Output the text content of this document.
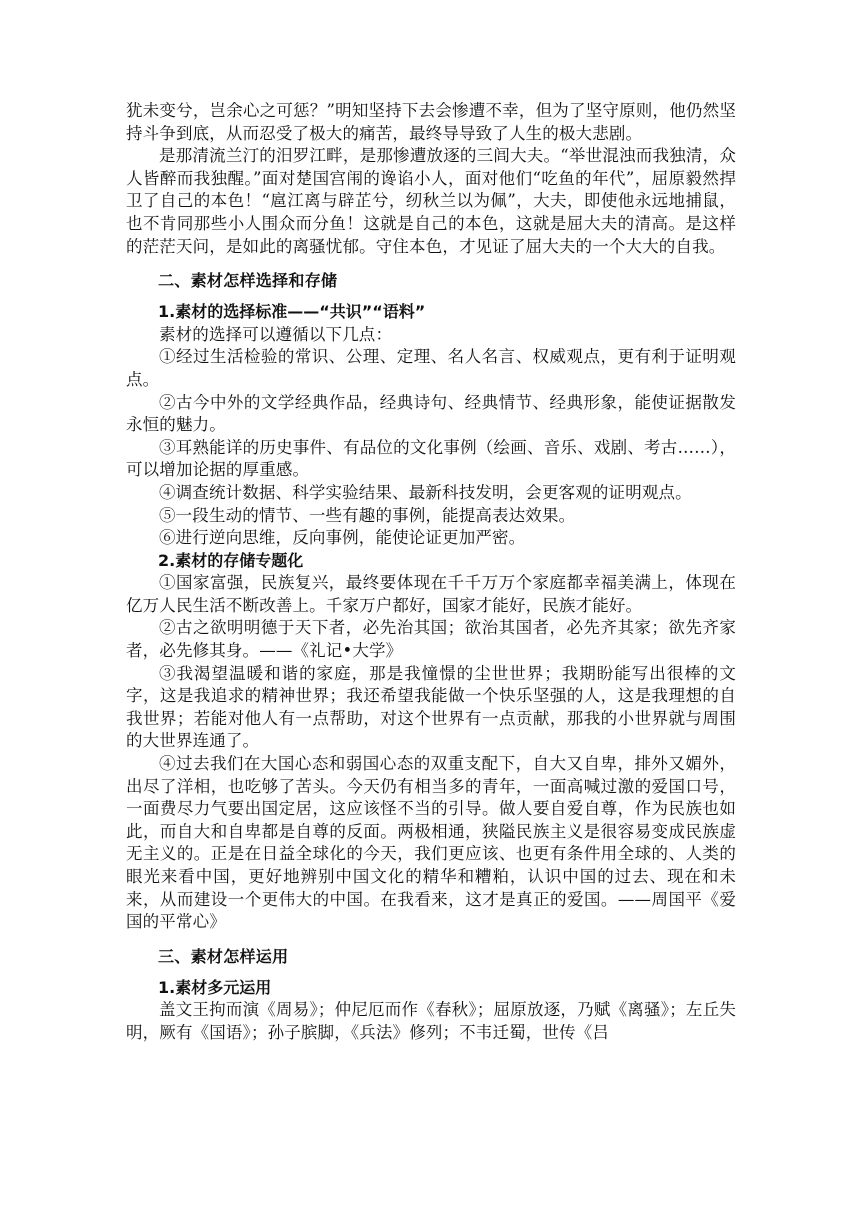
犹未变兮，岂余心之可惩？”明知坚持下去会惨遭不幸，但为了坚守原则，他仍然坚持斗争到底，从而忍受了极大的痛苦，最终导导致了人生的极大悲剧。

是那清流兰汀的汨罗江畔，是那惨遭放逐的三闾大夫。“举世混浊而我独清，众人皆醉而我独醒。”面对楚国宫闱的谗谄小人，面对他们“吃鱼的年代”，屈原毅然捍卫了自己的本色！“扈江离与辟芷兮，纫秋兰以为佩”，大夫，即使他永远地捕鼠，也不肯同那些小人围众而分鱼！这就是自己的本色，这就是屈大夫的清高。是这样的茫茫天问，是如此的离骚忧郁。守住本色，才见证了屈大夫的一个大大的自我。

二、素材怎样选择和存储
1.素材的选择标准——“共识”“语料”

素材的选择可以遵循以下几点：

①经过生活检验的常识、公理、定理、名人名言、权威观点，更有利于证明观点。

②古今中外的文学经典作品，经典诗句、经典情节、经典形象，能使证据散发永恒的魅力。

③耳熟能详的历史事件、有品位的文化事例（绘画、音乐、戏剧、考古……），可以增加论据的厚重感。

④调查统计数据、科学实验结果、最新科技发明，会更客观的证明观点。

⑤一段生动的情节、一些有趣的事例，能提高表达效果。

⑥进行逆向思维，反向事例，能使论证更加严密。

2.素材的存储专题化

①国家富强，民族复兴，最终要体现在千千万万个家庭都幸福美满上，体现在亿万人民生活不断改善上。千家万户都好，国家才能好，民族才能好。

②古之欲明明德于天下者，必先治其国；欲治其国者，必先齐其家；欲先齐家者，必先修其身。——《礼记•大学》

③我渴望温暖和谐的家庭，那是我憧憬的尘世世界；我期盼能写出很棒的文字，这是我追求的精神世界；我还希望我能做一个快乐坚强的人，这是我理想的自我世界；若能对他人有一点帮助，对这个世界有一点贡献，那我的小世界就与周围的大世界连通了。

④过去我们在大国心态和弱国心态的双重支配下，自大又自卑，排外又媚外，出尽了洋相，也吃够了苦头。今天仍有相当多的青年，一面高喊过激的爱国口号，一面费尽力气要出国定居，这应该怪不当的引导。做人要自爱自尊，作为民族也如此，而自大和自卑都是自尊的反面。两极相通，狭隘民族主义是很容易变成民族虚无主义的。正是在日益全球化的今天，我们更应该、也更有条件用全球的、人类的眼光来看中国，更好地辨别中国文化的精华和糟粕，认识中国的过去、现在和未来，从而建设一个更伟大的中国。在我看来，这才是真正的爱国。——周国平《爱国的平常心》

三、素材怎样运用
1.素材多元运用

盖文王拘而演《周易》；仲尼厄而作《春秋》；屈原放逐，乃赋《离骚》；左丘失明，厥有《国语》；孙子膑脚，《兵法》修列；不韦迁蜀，世传《吕
